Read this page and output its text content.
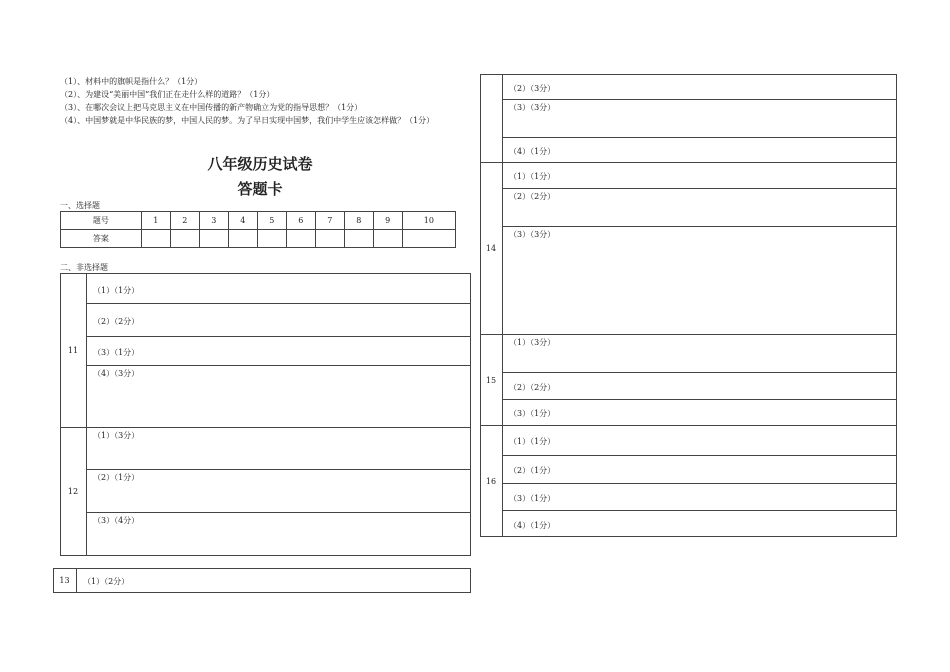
（1）、材料中的旗帜是指什么？（1分）
（2）、为建设“美丽中国”我们正在走什么样的道路？（1分）
（3）、在哪次会议上把马克思主义在中国传播的新产物确立为党的指导思想？（1分）
（4）、中国梦就是中华民族的梦，中国人民的梦。为了早日实现中国梦，我们中学生应该怎样做？（1分）
八年级历史试卷
答题卡
一、选择题
题号	1	2	3	4	5	6	7	8	9	10
答案										
二、非选择题
11
（1）（1分）
（2）（2分）
（3）（1分）
（4）（3分）
12
（1）（3分）
（2）（1分）
（3）（4分）
13	（1）（2分）
（2）（3分）
（3）（3分）
（4）（1分）
14
（1）（1分）
（2）（2分）
（3）（3分）
15
（1）（3分）
（2）（2分）
（3）（1分）
16
（1）（1分）
（2）（1分）
（3）（1分）
（4）（1分）
